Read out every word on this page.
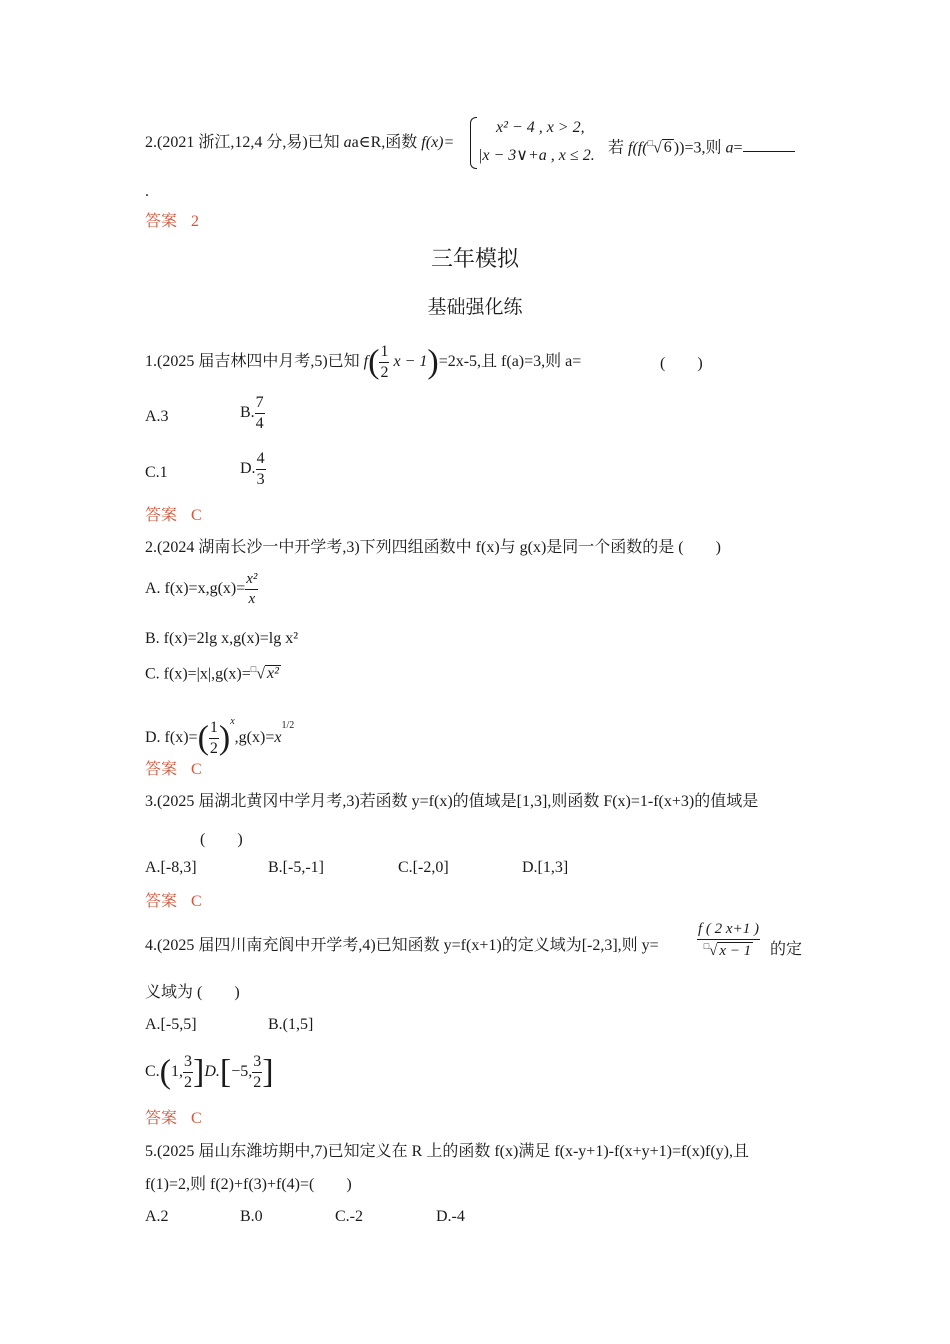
2.(2021 浙江,12,4 分,易)已知 aa∈R,函数 f(x)=
x² − 4 , x > 2,
|x − 3∨+a , x ≤ 2. 若 f(f(□√ 6 ))=3,则 a=
.
答案 2
三年模拟
基础强化练
1.(2025 届吉林四中月考,5)已知 $f( \frac{1}{2}$ x − 1)=2x-5,且 f(a)=3,则 a=	(　　)
A.3	B. $\frac{7}{4}$
C.1	D. $\frac{4}{3}$
答案 C
2.(2024 湖南长沙一中开学考,3)下列四组函数中 f(x)与 g(x)是同一个函数的是 (　　)
A. $f(x)=x,g(x)= \frac{\text{x²}}{x}$
B. f(x)=2lg x,g(x)=lg x²
C. f(x)=|x|,g(x)=□√ x²
D. $f(x)=( \frac{1}{2} )^x,g(x)=x^{1/2}$
答案 C
3.(2025 届湖北黄冈中学月考,3)若函数 y=f(x)的值域是[1,3],则函数 F(x)=1-f(x+3)的值域是
(　　)
A.[-8,3]	B.[-5,-1]	C.[-2,0]	D.[1,3]
答案 C
4.(2025 届四川南充阆中开学考,4)已知函数 y=f(x+1)的定义域为[-2,3],则 y=	$\frac{f ( 2 x+1 )}{^□√ x - 1}$ 的定
义域为 (　　)
A.[-5,5]	B.(1,5]
C.(1, $\frac{3}{2} ]D.[-5$, $\frac{3}{2}$ ]
答案 C
5.(2025 届山东潍坊期中,7)已知定义在 R 上的函数 f(x)满足 f(x-y+1)-f(x+y+1)=f(x)f(y),且
f(1)=2,则 f(2)+f(3)+f(4)=(　　)
A.2	B.0	C.-2	D.-4
